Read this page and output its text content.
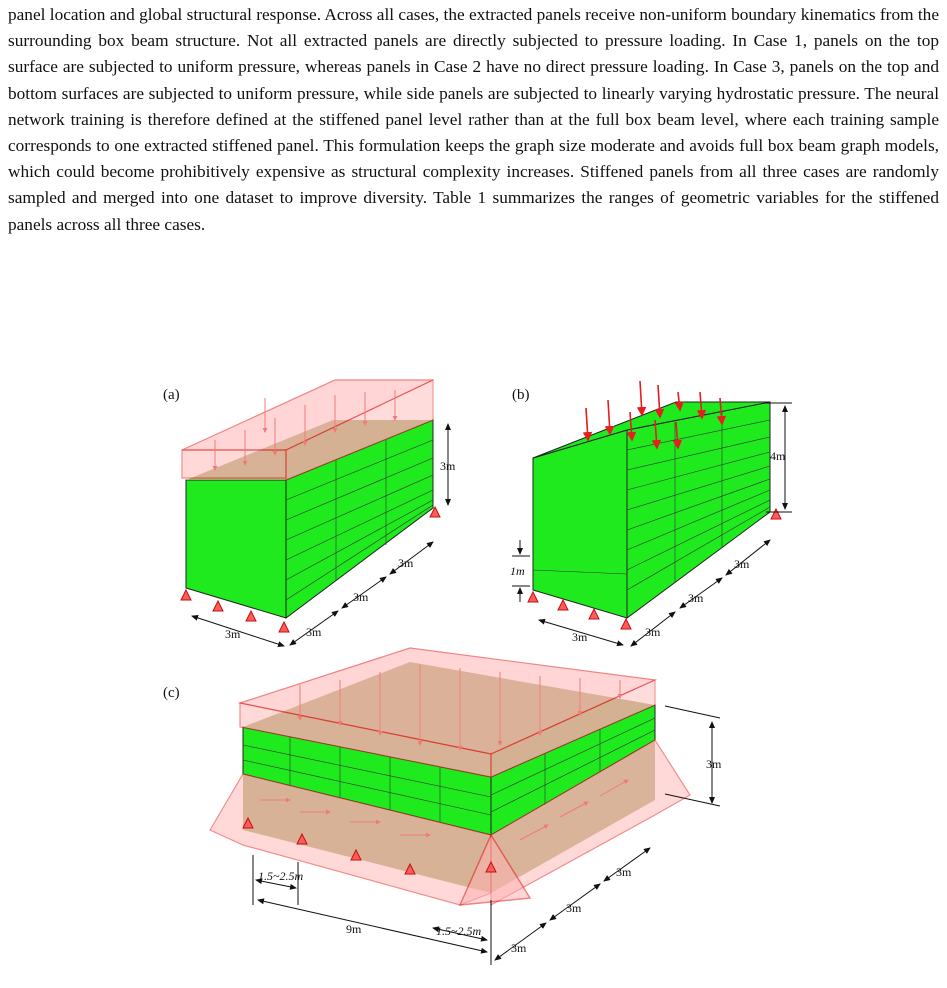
panel location and global structural response. Across all cases, the extracted panels receive non-uniform boundary kinematics from the surrounding box beam structure. Not all extracted panels are directly subjected to pressure loading. In Case 1, panels on the top surface are subjected to uniform pressure, whereas panels in Case 2 have no direct pressure loading. In Case 3, panels on the top and bottom surfaces are subjected to uniform pressure, while side panels are subjected to linearly varying hydrostatic pressure. The neural network training is therefore defined at the stiffened panel level rather than at the full box beam level, where each training sample corresponds to one extracted stiffened panel. This formulation keeps the graph size moderate and avoids full box beam graph models, which could become prohibitively expensive as structural complexity increases. Stiffened panels from all three cases are randomly sampled and merged into one dataset to improve diversity. Table 1 summarizes the ranges of geometric variables for the stiffened panels across all three cases.

(a)
3m
3m	3m
3m
3m
(b)
4m
1m
3m	3m
3m
3m
(c)
3m
9m
1.5~2.5m
1.5~2.5m
3m
3m
3m
